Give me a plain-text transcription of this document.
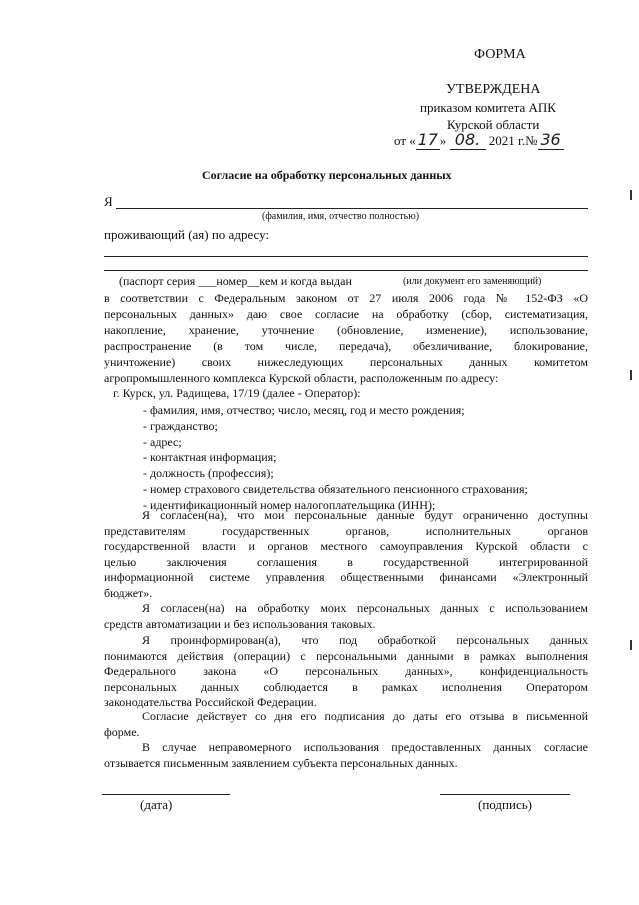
ФОРМА
УТВЕРЖДЕНА
приказом комитета АПК
Курской области
от « 17 » 08. 2021 г.№ 36
Согласие на обработку персональных данных
Я
(фамилия, имя, отчество полностью)
проживающий (ая) по адресу:
(паспорт серия ___номер__кем и когда выдан	(или документ его заменяющий)
в соответствии с Федеральным законом от 27 июля 2006 года № 152-ФЗ «О
персональных данных» даю свое согласие на обработку (сбор, систематизация,
накопление, хранение, уточнение (обновление, изменение), использование,
распространение (в том числе, передача), обезличивание, блокирование,
уничтожение) своих нижеследующих персональных данных комитетом
агропромышленного комплекса Курской области, расположенным по адресу:
г. Курск, ул. Радищева, 17/19 (далее - Оператор):
- фамилия, имя, отчество; число, месяц, год и место рождения;
- гражданство;
- адрес;
- контактная информация;
- должность (профессия);
- номер страхового свидетельства обязательного пенсионного страхования;
- идентификационный номер налогоплательщика (ИНН);
Я согласен(на), что мои персональные данные будут ограниченно доступны
представителям государственных органов, исполнительных органов
государственной власти и органов местного самоуправления Курской области с
целью заключения соглашения в государственной интегрированной
информационной системе управления общественными финансами «Электронный
бюджет».
Я согласен(на) на обработку моих персональных данных с использованием
средств автоматизации и без использования таковых.
Я проинформирован(а), что под обработкой персональных данных
понимаются действия (операции) с персональными данными в рамках выполнения
Федерального закона «О персональных данных», конфиденциальность
персональных данных соблюдается в рамках исполнения Оператором
законодательства Российской Федерации.
Согласие действует со дня его подписания до даты его отзыва в письменной
форме.
В случае неправомерного использования предоставленных данных согласие
отзывается письменным заявлением субъекта персональных данных.
(дата)	(подпись)
